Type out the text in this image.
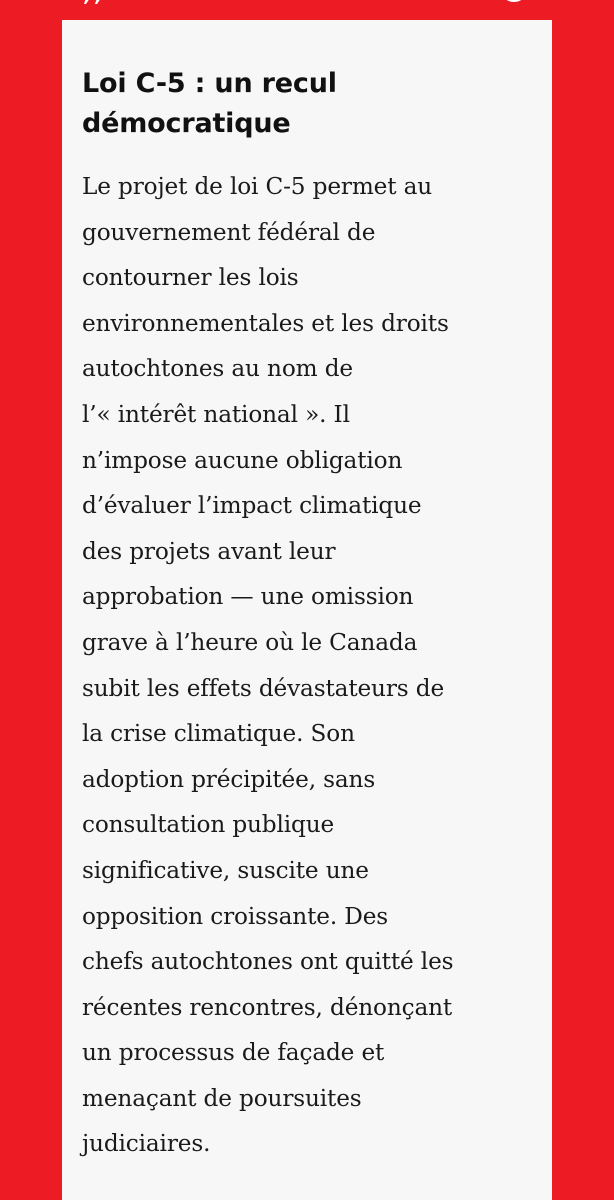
Loi C-5 : un recul
démocratique

Le projet de loi C-5 permet au
gouvernement fédéral de
contourner les lois
environnementales et les droits
autochtones au nom de
l’« intérêt national ». Il
n’impose aucune obligation
d’évaluer l’impact climatique
des projets avant leur
approbation — une omission
grave à l’heure où le Canada
subit les effets dévastateurs de
la crise climatique. Son
adoption précipitée, sans
consultation publique
significative, suscite une
opposition croissante. Des
chefs autochtones ont quitté les
récentes rencontres, dénonçant
un processus de façade et
menaçant de poursuites
judiciaires.
